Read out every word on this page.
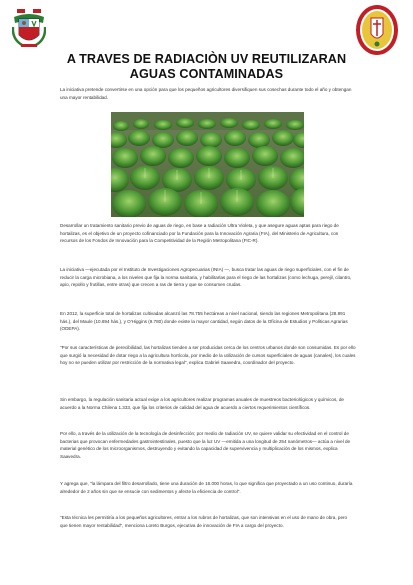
A TRAVES DE RADIACIÒN UV REUTILIZARAN
AGUAS CONTAMINADAS

La iniciativa pretende convertirse en una opción para que los pequeños agricultores diversifiquen sus cosechas durante todo el año y obtengan una mayor rentabilidad.

Desarrollar un tratamiento sanitario previo de aguas de riego, en base a radiación Ultra Violeta, y que asegure aguas aptas para riego de hortalizas, es el objetivo de un proyecto cofinanciado por la Fundación para la Innovación Agraria (FIA), del Ministerio de Agricultura, con recursos de los Fondos de Innovación para la Competitividad de la Región Metropolitana (FIC-R).

La iniciativa —ejecutada por el Instituto de Investigaciones Agropecuarias (INIA) —, busca tratar las aguas de riego superficiales, con el fin de reducir la carga microbiana, a los niveles que fija la norma sanitaria, y habilitarlas para el riego de las hortalizas (como lechuga, perejil, cilantro, apio, repollo y frutillas, entre otras) que crecen a ras de tierra y que se consumen crudas.

En 2012, la superficie total de hortalizas cultivadas alcanzó las 78.755 hectáreas a nivel nacional, siendo las regiones Metropolitana (28.891 hás.), del Maule (10.694 hás.), y O'Higgins (9.780) donde existe la mayor cantidad, según datos de la Oficina de Estudios y Políticas Agrarias (ODEPA).

"Por sus características de perecibilidad, las hortalizas tienden a ser producidas cerca de los centros urbanos donde son consumidas. Es por ello que surgió la necesidad de dotar riego a la agricultura hortícola, por medio de la utilización de cursos superficiales de aguas (canales), los cuales hoy no se pueden utilizar por restricción de la normativa legal", explica Gabriel Saavedra, coordinador del proyecto.

Sin embargo, la regulación sanitaria actual exige a los agricultores realizar programas anuales de muestreos bacteriológicos y químicos, de acuerdo a la Norma Chilena 1.333, que fija los criterios de calidad del agua de acuerdo a ciertos requerimientos científicos.

Por ello, a través de la utilización de la tecnología de desinfección; por medio de radiación UV, se quiere validar su efectividad en el control de bacterias que provocan enfermedades gastrointestinales, puesto que la luz UV —emitida a una longitud de 254 nanómetros— actúa a nivel de material genético de los microorganismos, destruyendo y evitando la capacidad de supervivencia y multiplicación de los mismos, explica Saavedra.

Y agrega que, "la lámpara del filtro desarrollado, tiene una duración de 16.000 horas, lo que significa que proyectado a un uso continuo, duraría alrededor de 2 años sin que se ensucie con sedimentos y afecte la eficiencia de control".

"Esta técnica les permitiría a los pequeños agricultores, entrar a los rubros de hortalizas, que son intensivas en el uso de mano de obra, pero que tienen mayor rentabilidad", menciona Loreto Burgos, ejecutiva de innovación de FIA a cargo del proyecto.
